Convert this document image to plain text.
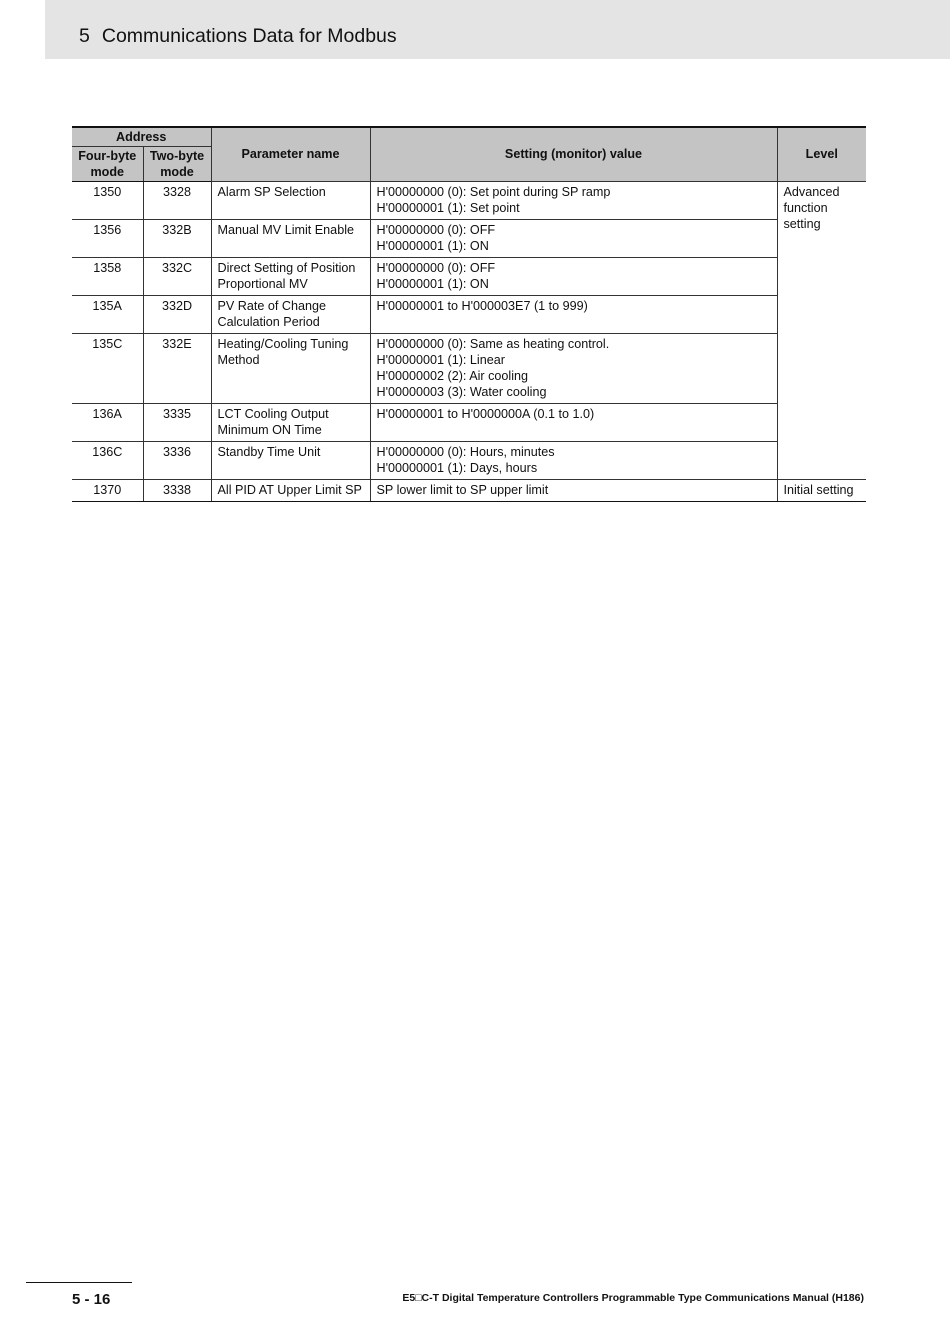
5 Communications Data for Modbus
Address		Parameter name	Setting (monitor) value	Level

Four-byte
mode	Two-byte
mode			

1350	3328	Alarm SP Selection	H'00000000 (0): Set point during SP ramp
H'00000001 (1): Set point	Advanced
function
setting

1356	332B	Manual MV Limit Enable	H'00000000 (0): OFF
H'00000001 (1): ON	

1358	332C	Direct Setting of Position
Proportional MV	H'00000000 (0): OFF
H'00000001 (1): ON	

135A	332D	PV Rate of Change
Calculation Period	H'00000001 to H'000003E7 (1 to 999)	

135C	332E	Heating/Cooling Tuning
Method	H'00000000 (0): Same as heating control.
H'00000001 (1): Linear
H'00000002 (2): Air cooling
H'00000003 (3): Water cooling	

136A	3335	LCT Cooling Output
Minimum ON Time	H'00000001 to H'0000000A (0.1 to 1.0)	

136C	3336	Standby Time Unit	H'00000000 (0): Hours, minutes
H'00000001 (1): Days, hours	

1370	3338	All PID AT Upper Limit SP	SP lower limit to SP upper limit	Initial setting
5 - 16	E5□C-T Digital Temperature Controllers Programmable Type Communications Manual (H186)
